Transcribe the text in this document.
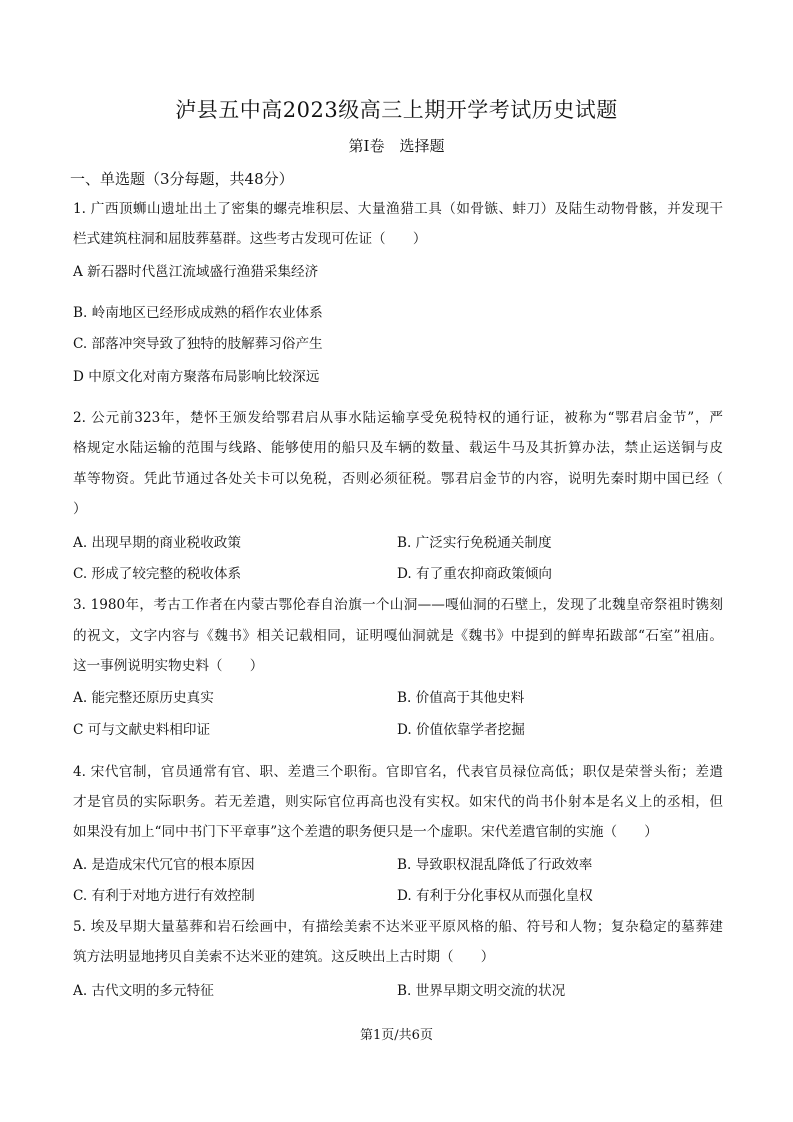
泸县五中高2023级高三上期开学考试历史试题
第Ⅰ卷　选择题
一、单选题（3分每题，共48分）
1. 广西顶蛳山遗址出土了密集的螺壳堆积层、大量渔猎工具（如骨镞、蚌刀）及陆生动物骨骸，并发现干
栏式建筑柱洞和屈肢葬墓群。这些考古发现可佐证（　　）
A 新石器时代邕江流域盛行渔猎采集经济
B. 岭南地区已经形成成熟的稻作农业体系
C. 部落冲突导致了独特的肢解葬习俗产生
D 中原文化对南方聚落布局影响比较深远
2. 公元前323年，楚怀王颁发给鄂君启从事水陆运输享受免税特权的通行证，被称为“鄂君启金节”，严
格规定水陆运输的范围与线路、能够使用的船只及车辆的数量、载运牛马及其折算办法，禁止运送铜与皮
革等物资。凭此节通过各处关卡可以免税，否则必须征税。鄂君启金节的内容，说明先秦时期中国已经（
）
A. 出现早期的商业税收政策	B. 广泛实行免税通关制度
C. 形成了较完整的税收体系	D. 有了重农抑商政策倾向
3. 1980年，考古工作者在内蒙古鄂伦春自治旗一个山洞——嘎仙洞的石壁上，发现了北魏皇帝祭祖时镌刻
的祝文，文字内容与《魏书》相关记载相同，证明嘎仙洞就是《魏书》中提到的鲜卑拓跋部“石室”祖庙。
这一事例说明实物史料（　　）
A. 能完整还原历史真实	B. 价值高于其他史料
C 可与文献史料相印证	D. 价值依靠学者挖掘
4. 宋代官制，官员通常有官、职、差遣三个职衔。官即官名，代表官员禄位高低；职仅是荣誉头衔；差遣
才是官员的实际职务。若无差遣，则实际官位再高也没有实权。如宋代的尚书仆射本是名义上的丞相，但
如果没有加上“同中书门下平章事”这个差遣的职务便只是一个虚职。宋代差遣官制的实施（　　）
A. 是造成宋代冗官的根本原因	B. 导致职权混乱降低了行政效率
C. 有利于对地方进行有效控制	D. 有利于分化事权从而强化皇权
5. 埃及早期大量墓葬和岩石绘画中，有描绘美索不达米亚平原风格的船、符号和人物；复杂稳定的墓葬建
筑方法明显地拷贝自美索不达米亚的建筑。这反映出上古时期（　　）
A. 古代文明的多元特征	B. 世界早期文明交流的状况
第1页/共6页
